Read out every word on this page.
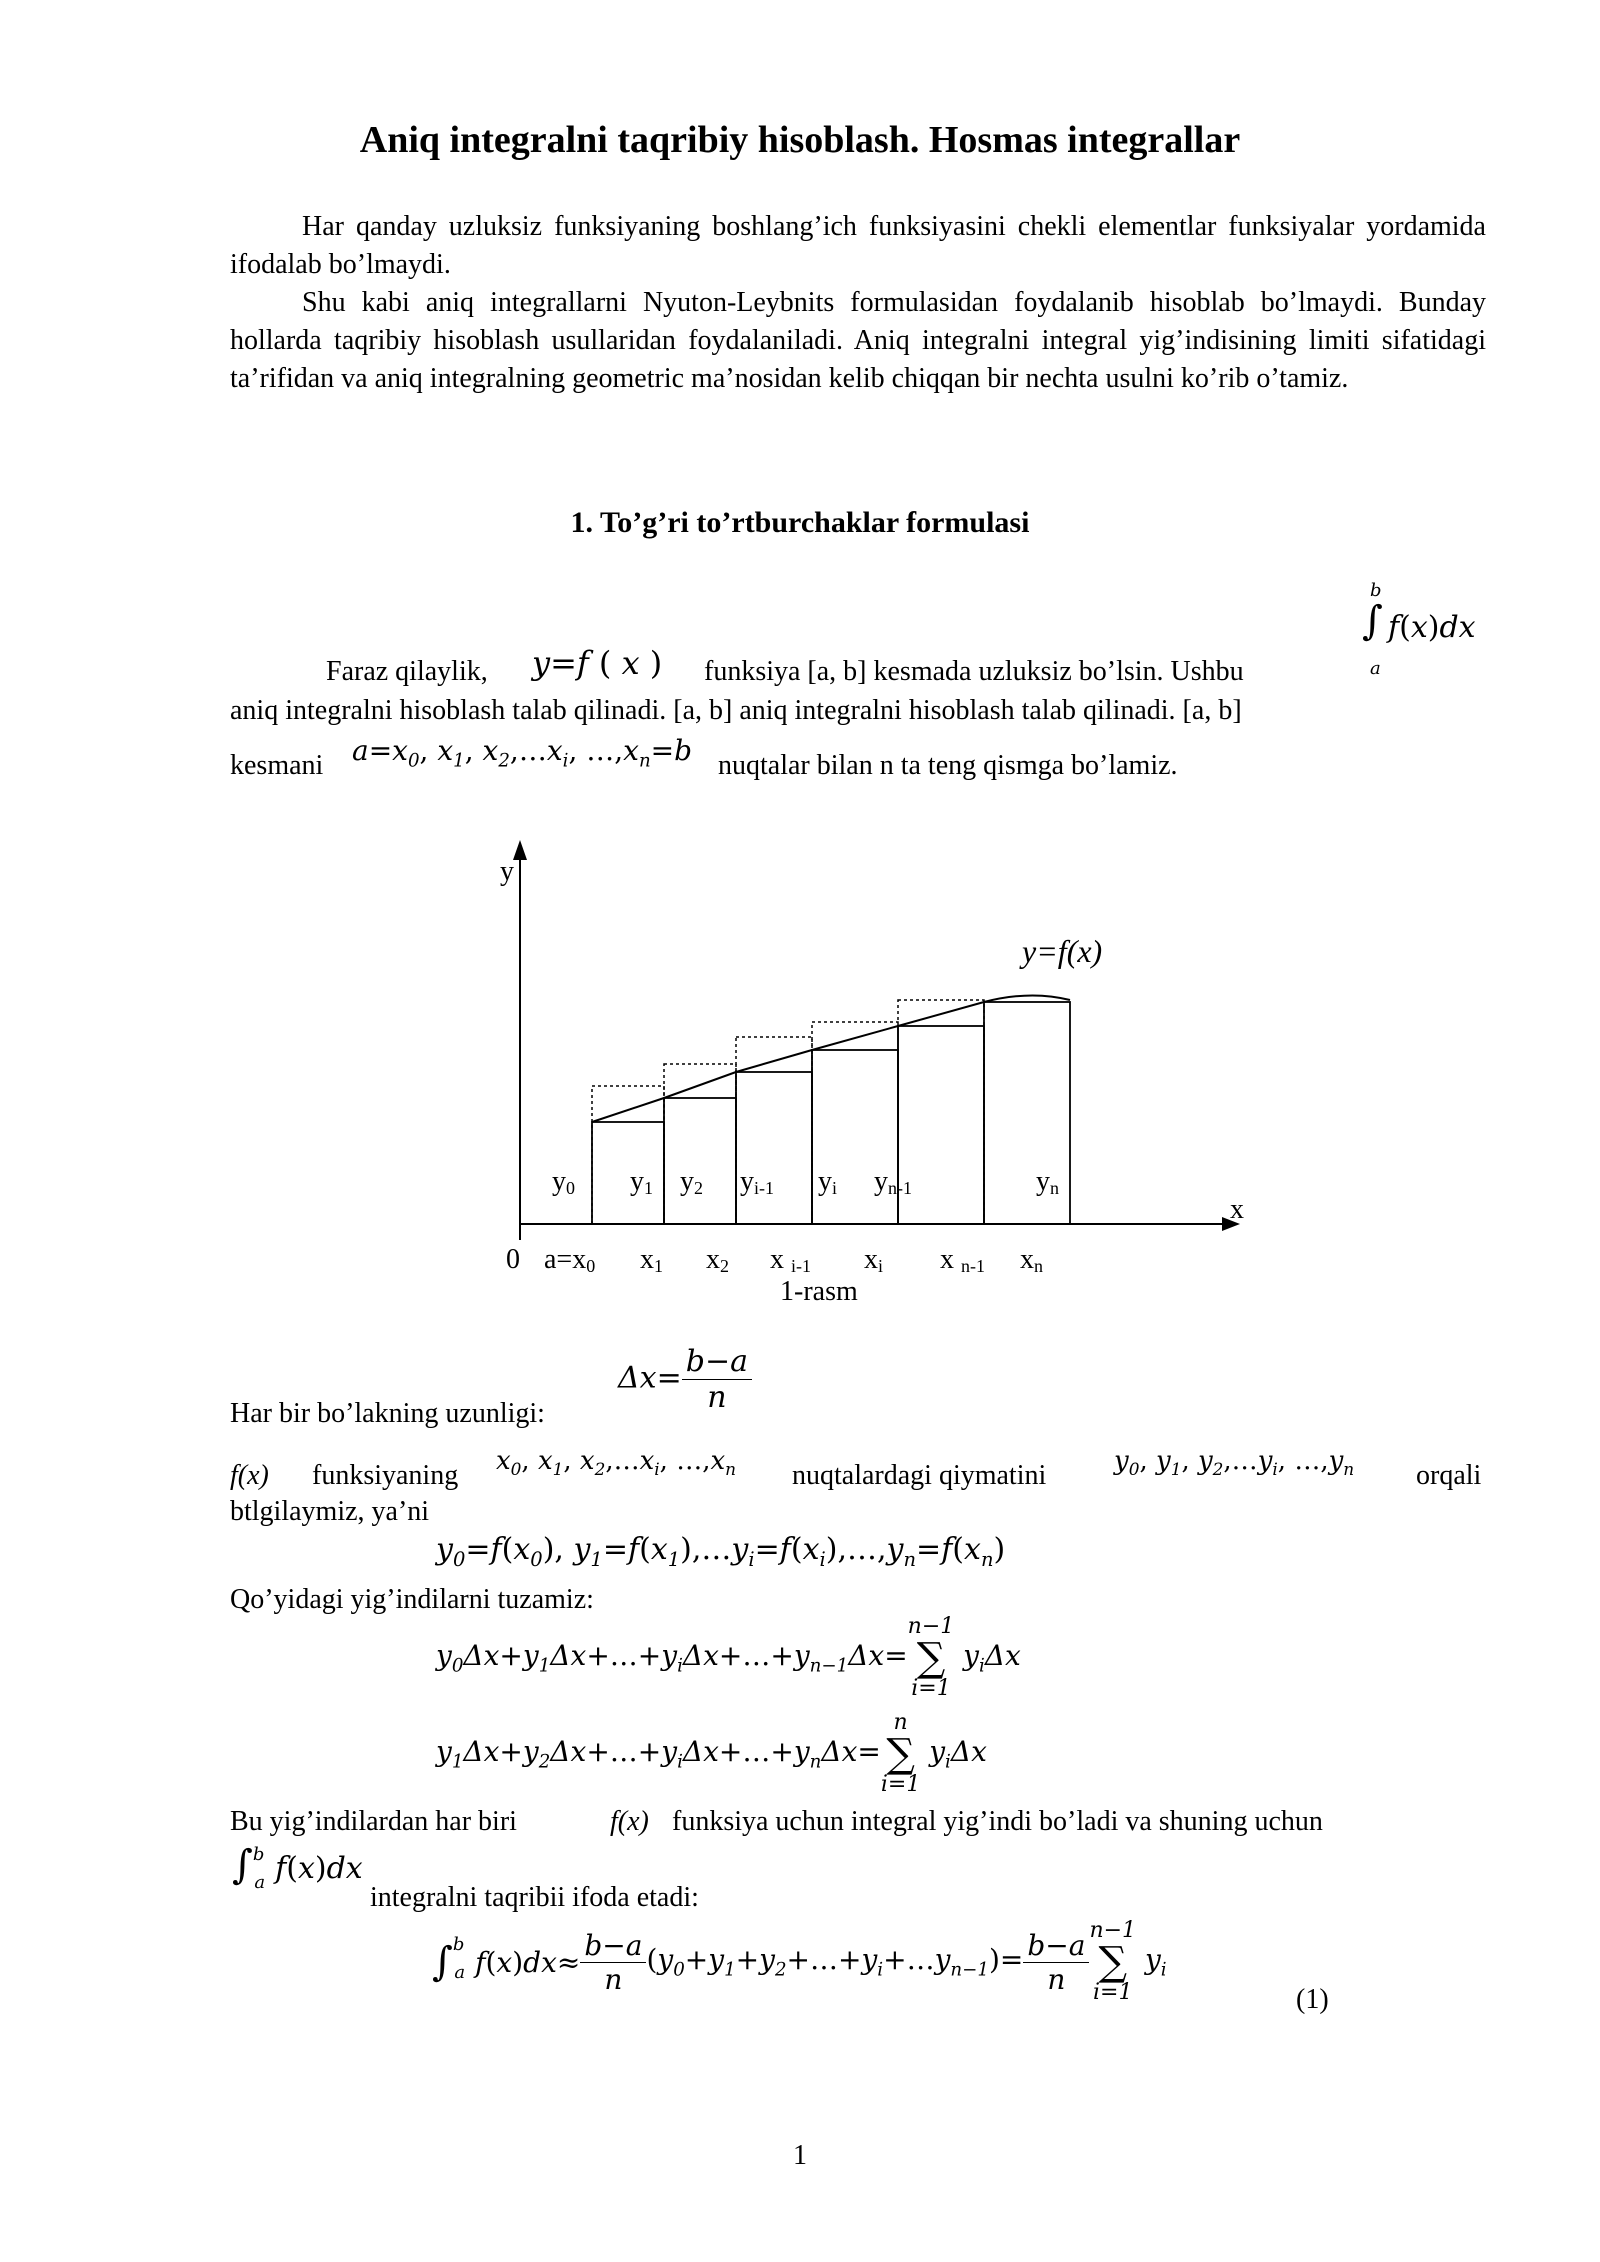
Aniq integralni taqribiy hisoblash. Hosmas integrallar
Har qanday uzluksiz funksiyaning boshlang’ich funksiyasini chekli elementlar funksiyalar yordamida ifodalab bo’lmaydi.
Shu kabi aniq integrallarni Nyuton-Leybnits formulasidan foydalanib hisoblab bo’lmaydi. Bunday hollarda taqribiy hisoblash usullaridan foydalaniladi. Aniq integralni integral yig’indisining limiti sifatidagi ta’rifidan va aniq integralning geometric ma’nosidan kelib chiqqan bir nechta usulni ko’rib o’tamiz.
1. To’g’ri to’rtburchaklar formulasi
b
∫ f(x)dx
a
Faraz qilaylik, y=f ( x ) funksiya [a, b] kesmada uzluksiz bo’lsin. Ushbu
aniq integralni hisoblash talab qilinadi. [a, b] aniq integralni hisoblash talab qilinadi. [a, b]
kesmani $a=x_0$, $x_1$, $x_2,\dots x_i$, $\dots,x_n=b$ nuqtalar bilan n ta teng qismga bo’lamiz.
y=f(x)
y
x
0
y0 y1 y2 yi-1 yi yn-1	yn
a=x0 x1 x2 x i-1 xi x n-1 xn
1-rasm
Har bir bo’lakning uzunligi:
$\Delta x= \frac{b-a}{n}$
f(x) funksiyaning $x_0$, $x_1$, $x_2,\dots x_i$, $\dots,x_n$ nuqtalardagi qiymatini	$y_0$, $y_1$, $y_2,\dots y_i$, $\dots,y_n$ orqali
btlgilaymiz, ya’ni
$y_0=f(x_0)$, $y_1=f(x_1),\dots y_i=f(x_i),\dots,y_n=f(x_n)$
Qo’yidagi yig’indilarni tuzamiz:
$y_0\Delta x+y_1\Delta x+\dots+y_i\Delta x+\dots+y_{n-1}\Delta x=$
n−1
∑
i=1
$y_i\Delta x$
$y_1\Delta x+y_2\Delta x+\dots+y_i\Delta x+\dots+y_n\Delta x=$
n
∑
i=1
$y_i\Delta x$
Bu yig’indilardan har biri	f(x) funksiya uchun integral yig’indi bo’ladi va shuning uchun
∫$^b_a$ f(x)dx
integralni taqribii ifoda etadi:
∫ b
a $f(x)dx\approx \frac{b-a}{n}$ $(y_0+y_1+y_2+\dots+y_i+\dots y_{n-1})= \frac{b-a}{n} n-1$
∑
i=1
$y_i$
(1)
1
